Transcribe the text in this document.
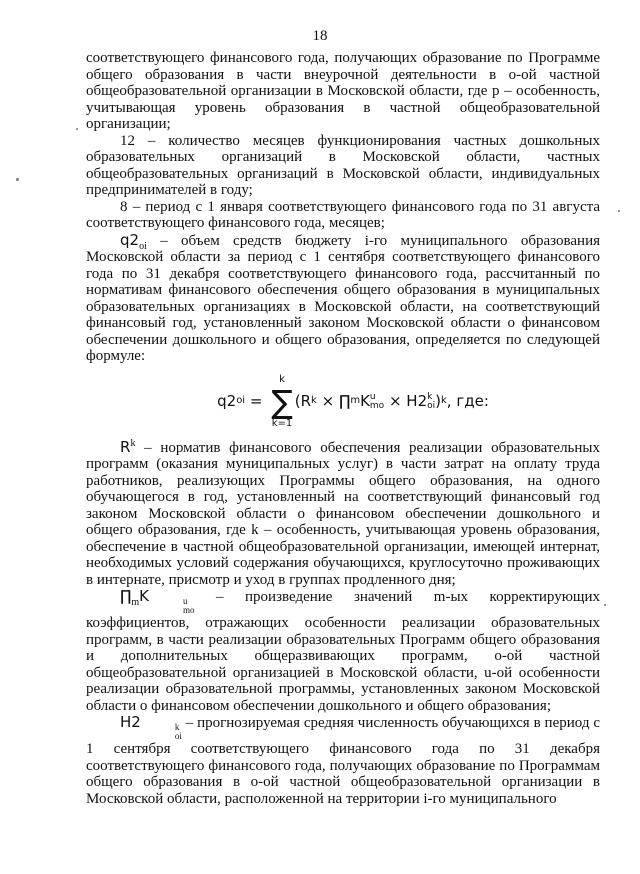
18

соответствующего финансового года, получающих образование по Программе общего образования в части внеурочной деятельности в о-ой частной общеобразовательной организации в Московской области, где p – особенность, учитывающая уровень образования в частной общеобразовательной организации;

12 – количество месяцев функционирования частных дошкольных образовательных организаций в Московской области, частных общеобразовательных организаций в Московской области, индивидуальных предпринимателей в году;

8 – период с 1 января соответствующего финансового года по 31 августа соответствующего финансового года, месяцев;

$q2_{oi}$ – объем средств бюджету i-го муниципального образования Московской области за период с 1 сентября соответствующего финансового года по 31 декабря соответствующего финансового года, рассчитанный по нормативам финансового обеспечения общего образования в муниципальных образовательных организациях в Московской области, на соответствующий финансовый год, установленный законом Московской области о финансовом обеспечении дошкольного и общего образования, определяется по следующей формуле:

q2 oi =
k
∑
k=1
(R k × ∏ m K u
mo × H2 k
oi ) k , где:

$R^k$ – норматив финансового обеспечения реализации образовательных программ (оказания муниципальных услуг) в части затрат на оплату труда работников, реализующих Программы общего образования, на одного обучающегося в год, установленный на соответствующий финансовый год законом Московской области о финансовом обеспечении дошкольного и общего образования, где k – особенность, учитывающая уровень образования, обеспечение в частной общеобразовательной организации, имеющей интернат, необходимых условий содержания обучающихся, круглосуточно проживающих в интернате, присмотр и уход в группах продленного дня;

$\prod_mK$	u
mo
– произведение значений m-ых корректирующих коэффициентов, отражающих особенности реализации образовательных программ, в части реализации образовательных Программ общего образования и дополнительных общеразвивающих программ, о-ой частной общеобразовательной организацией в Московской области, u-ой особенности реализации образовательной программы, установленных законом Московской области о финансовом обеспечении дошкольного и общего образования;

H2	k
oi
– прогнозируемая средняя численность обучающихся в период с 1 сентября соответствующего финансового года по 31 декабря соответствующего финансового года, получающих образование по Программам общего образования в о-ой частной общеобразовательной организации в Московской области, расположенной на территории i-го муниципального
